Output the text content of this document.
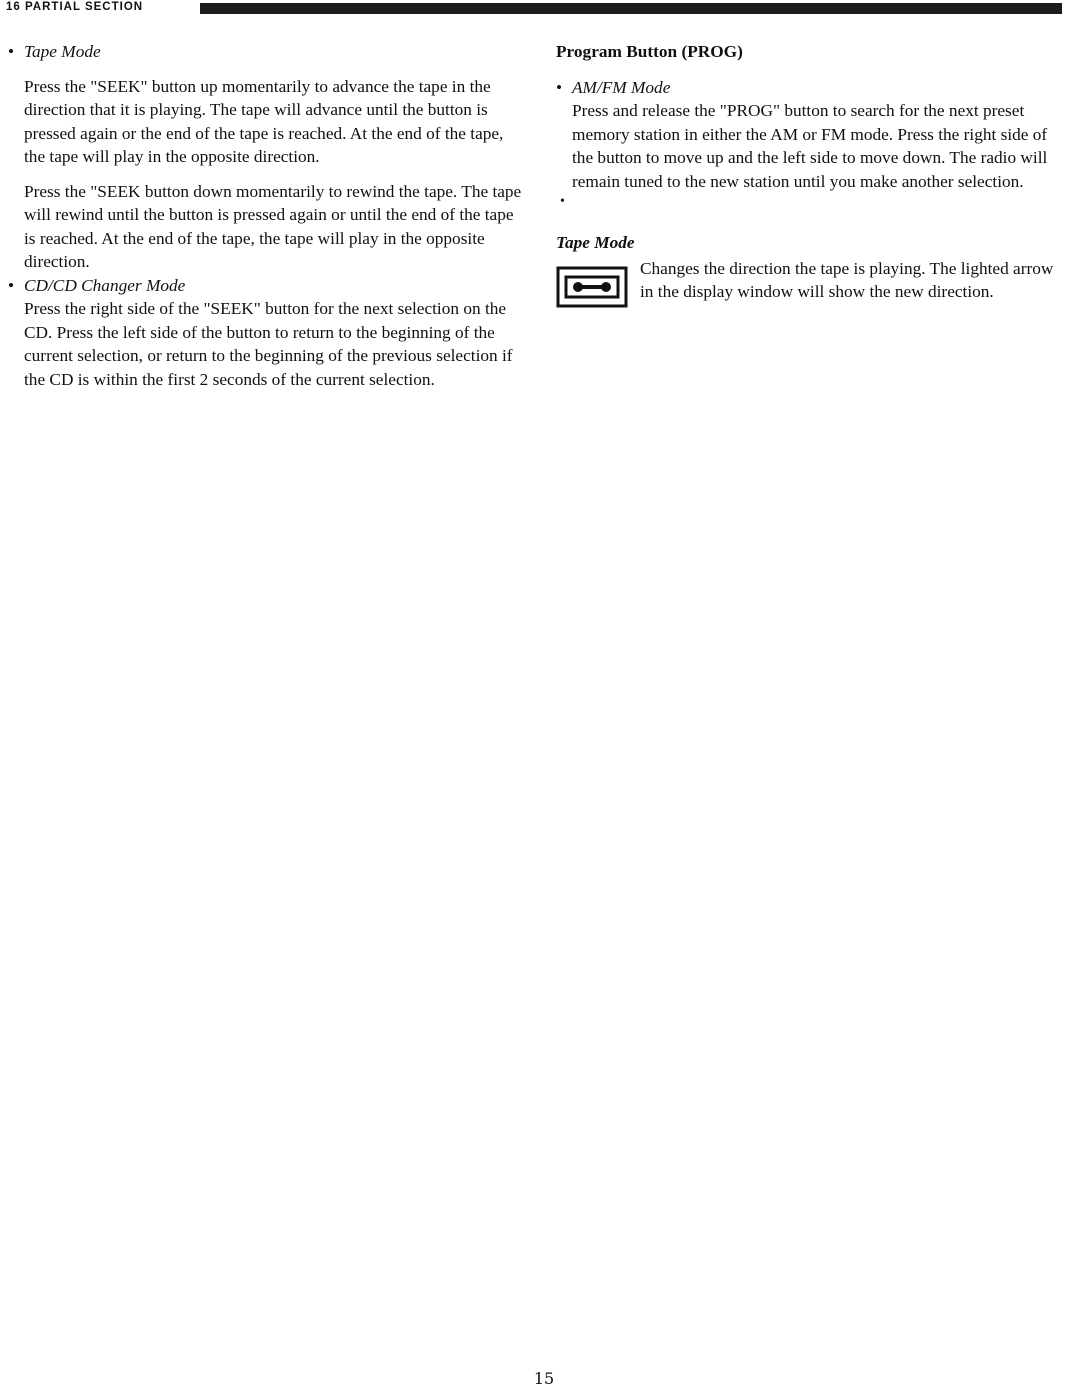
16 PARTIAL SECTION

• Tape Mode

Press the "SEEK" button up momentarily to advance the tape in the direction that it is playing. The tape will advance until the button is pressed again or the end of the tape is reached. At the end of the tape, the tape will play in the opposite direction.

Press the "SEEK button down momentarily to rewind the tape. The tape will rewind until the button is pressed again or until the end of the tape is reached. At the end of the tape, the tape will play in the opposite direction.

• CD/CD Changer Mode

Press the right side of the "SEEK" button for the next selection on the CD. Press the left side of the button to return to the beginning of the current selection, or return to the beginning of the previous selection if the CD is within the first 2 seconds of the current selection.

Program Button (PROG)

• AM/FM Mode

Press and release the "PROG" button to search for the next preset memory station in either the AM or FM mode. Press the right side of the button to move up and the left side to move down. The radio will remain tuned to the new station until you make another selection.

•

Tape Mode

Changes the direction the tape is playing. The lighted arrow in the display window will show the new direction.

15
